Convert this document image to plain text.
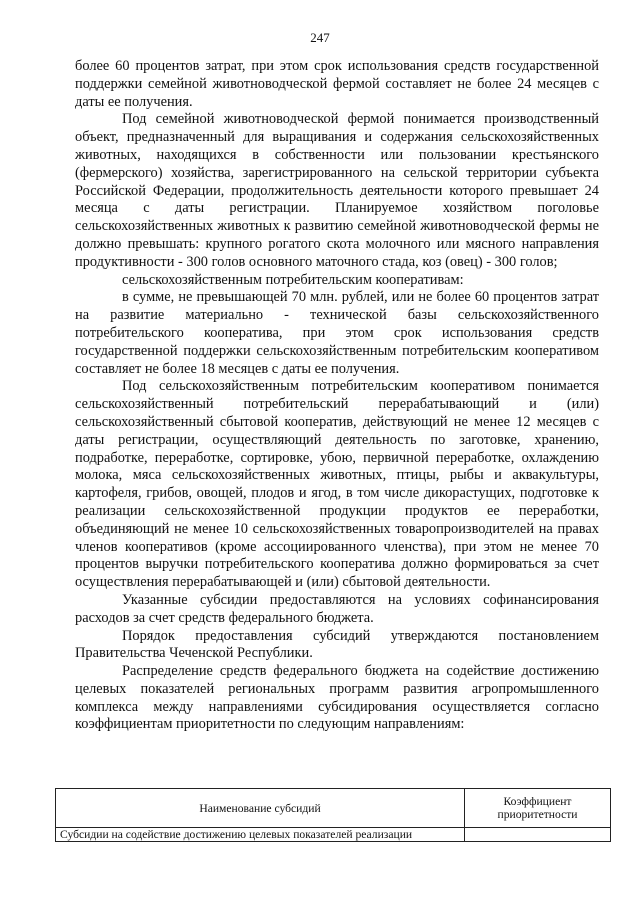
247

более 60 процентов затрат, при этом срок использования средств государственной поддержки семейной животноводческой фермой составляет не более 24 месяцев с даты ее получения.

Под семейной животноводческой фермой понимается производственный объект, предназначенный для выращивания и содержания сельскохозяйственных животных, находящихся в собственности или пользовании крестьянского (фермерского) хозяйства, зарегистрированного на сельской территории субъекта Российской Федерации, продолжительность деятельности которого превышает 24 месяца с даты регистрации. Планируемое хозяйством поголовье сельскохозяйственных животных к развитию семейной животноводческой фермы не должно превышать: крупного рогатого скота молочного или мясного направления продуктивности - 300 голов основного маточного стада, коз (овец) - 300 голов;

сельскохозяйственным потребительским кооперативам:

в сумме, не превышающей 70 млн. рублей, или не более 60 процентов затрат на развитие материально - технической базы сельскохозяйственного потребительского кооператива, при этом срок использования средств государственной поддержки сельскохозяйственным потребительским кооперативом составляет не более 18 месяцев с даты ее получения.

Под сельскохозяйственным потребительским кооперативом понимается сельскохозяйственный потребительский перерабатывающий и (или) сельскохозяйственный сбытовой кооператив, действующий не менее 12 месяцев с даты регистрации, осуществляющий деятельность по заготовке, хранению, подработке, переработке, сортировке, убою, первичной переработке, охлаждению молока, мяса сельскохозяйственных животных, птицы, рыбы и аквакультуры, картофеля, грибов, овощей, плодов и ягод, в том числе дикорастущих, подготовке к реализации сельскохозяйственной продукции продуктов ее переработки, объединяющий не менее 10 сельскохозяйственных товаропроизводителей на правах членов кооперативов (кроме ассоциированного членства), при этом не менее 70 процентов выручки потребительского кооператива должно формироваться за счет осуществления перерабатывающей и (или) сбытовой деятельности.

Указанные субсидии предоставляются на условиях софинансирования расходов за счет средств федерального бюджета.

Порядок предоставления субсидий утверждаются постановлением Правительства Чеченской Республики.

Распределение средств федерального бюджета на содействие достижению целевых показателей региональных программ развития агропромышленного комплекса между направлениями субсидирования осуществляется согласно коэффициентам приоритетности по следующим направлениям:

Наименование субсидий	Коэффициент приоритетности
Субсидии на содействие достижению целевых показателей реализации	
